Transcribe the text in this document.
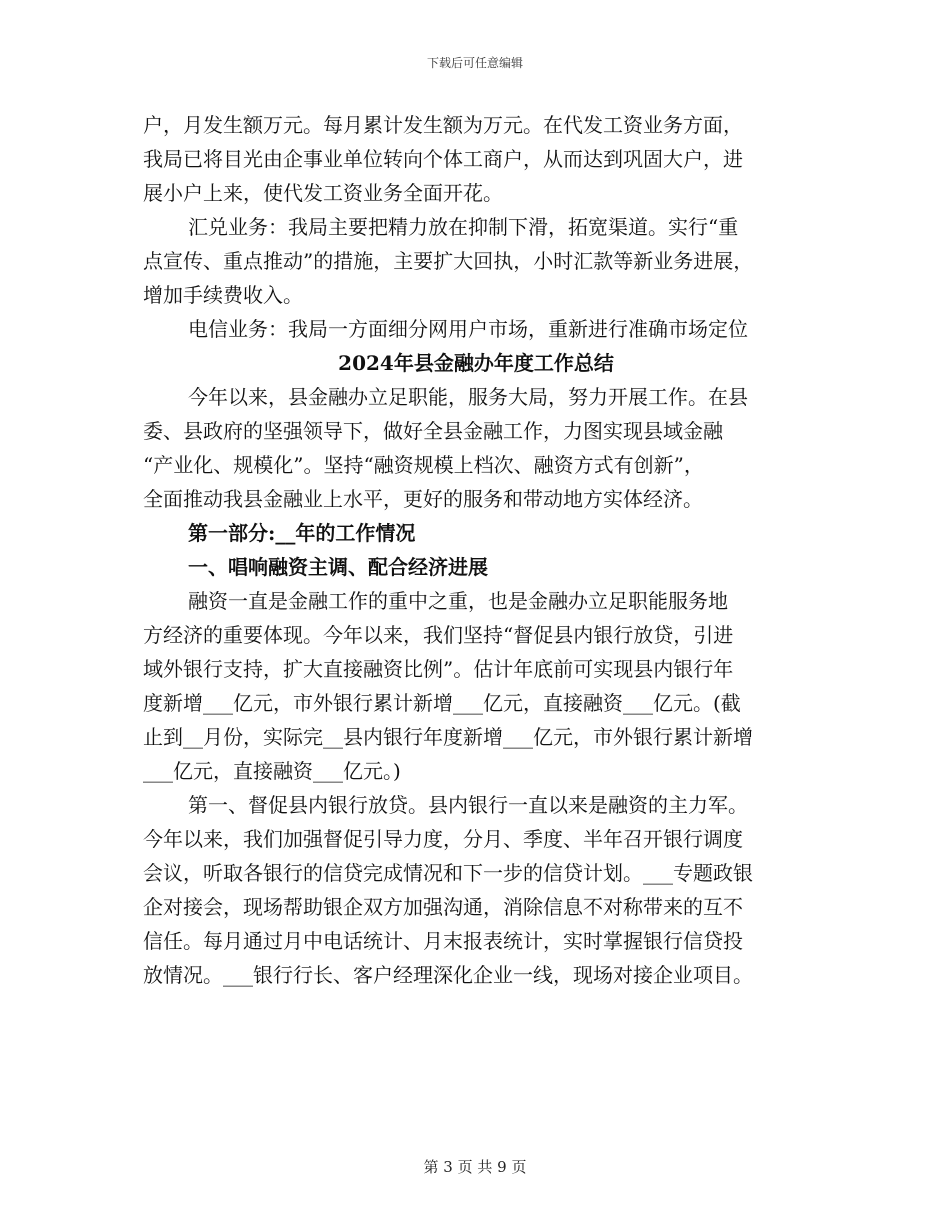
下载后可任意编辑
户，月发生额万元。每月累计发生额为万元。在代发工资业务方面，
我局已将目光由企事业单位转向个体工商户，从而达到巩固大户，进
展小户上来，使代发工资业务全面开花。
汇兑业务：我局主要把精力放在抑制下滑，拓宽渠道。实行“重
点宣传、重点推动”的措施，主要扩大回执，小时汇款等新业务进展，
增加手续费收入。
电信业务：我局一方面细分网用户市场，重新进行准确市场定位
2024年县金融办年度工作总结
今年以来，县金融办立足职能，服务大局，努力开展工作。在县
委、县政府的坚强领导下，做好全县金融工作，力图实现县域金融
“产业化、规模化”。坚持“融资规模上档次、融资方式有创新”，
全面推动我县金融业上水平，更好的服务和带动地方实体经济。
第一部分:__年的工作情况
一、唱响融资主调、配合经济进展
融资一直是金融工作的重中之重，也是金融办立足职能服务地
方经济的重要体现。今年以来，我们坚持“督促县内银行放贷，引进
域外银行支持，扩大直接融资比例”。估计年底前可实现县内银行年
度新增___亿元，市外银行累计新增___亿元，直接融资___亿元。(截
止到__月份，实际完__县内银行年度新增___亿元，市外银行累计新增
___亿元，直接融资___亿元。)
第一、督促县内银行放贷。县内银行一直以来是融资的主力军。
今年以来，我们加强督促引导力度，分月、季度、半年召开银行调度
会议，听取各银行的信贷完成情况和下一步的信贷计划。___专题政银
企对接会，现场帮助银企双方加强沟通，消除信息不对称带来的互不
信任。每月通过月中电话统计、月末报表统计，实时掌握银行信贷投
放情况。___银行行长、客户经理深化企业一线，现场对接企业项目。
第 3 页 共 9 页
